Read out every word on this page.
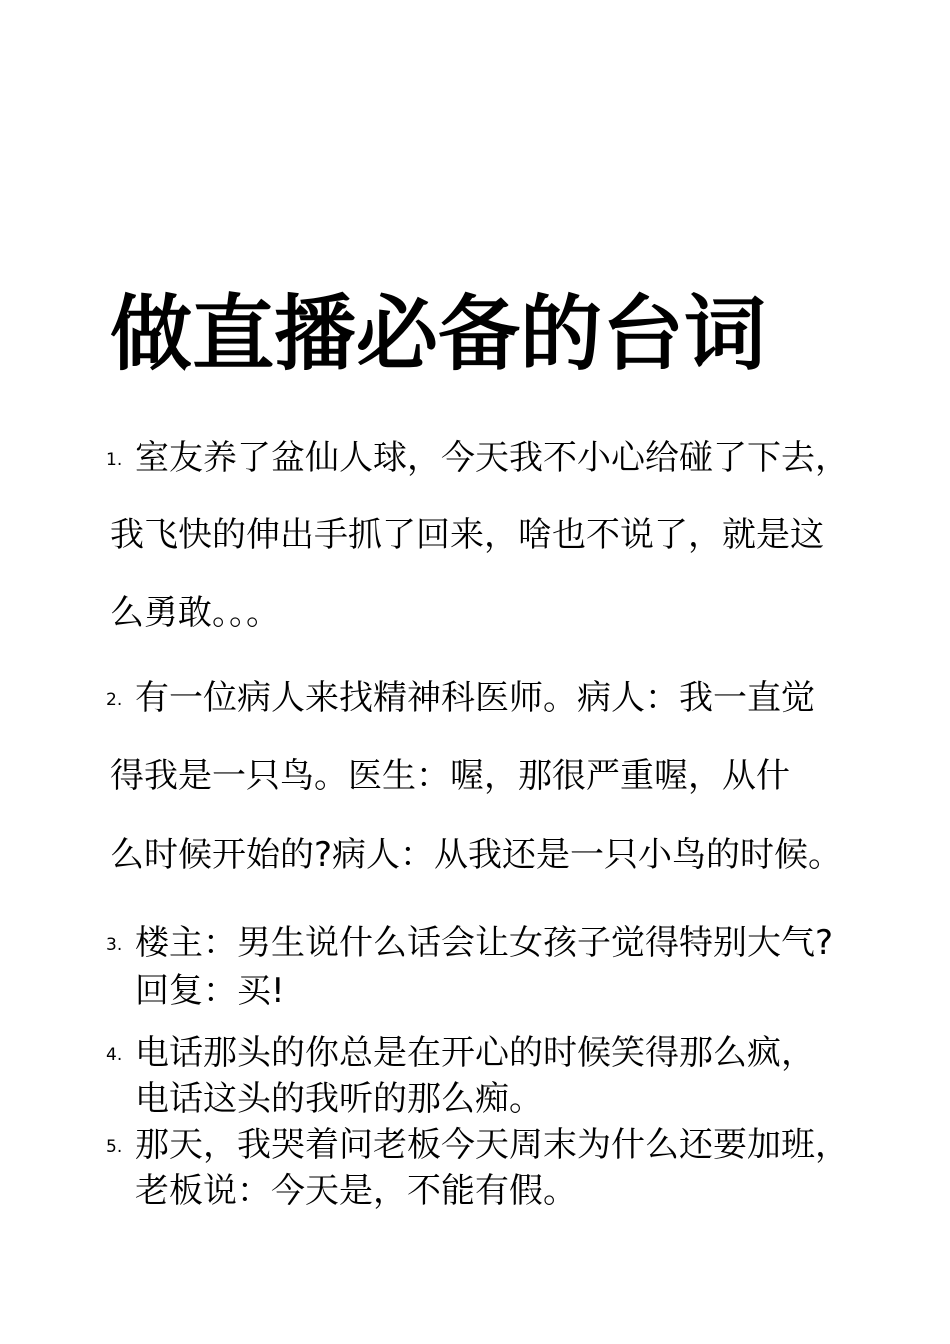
做直播必备的台词
1. 室友养了盆仙人球，今天我不小心给碰了下去，
我飞快的伸出手抓了回来，啥也不说了，就是这
么勇敢。。。
2. 有一位病人来找精神科医师。病人：我一直觉
得我是一只鸟。医生：喔，那很严重喔，从什
么时候开始的?病人：从我还是一只小鸟的时候。
3. 楼主：男生说什么话会让女孩子觉得特别大气?
回复：买!
4. 电话那头的你总是在开心的时候笑得那么疯，
电话这头的我听的那么痴。
5. 那天，我哭着问老板今天周末为什么还要加班，
老板说：今天是，不能有假。
